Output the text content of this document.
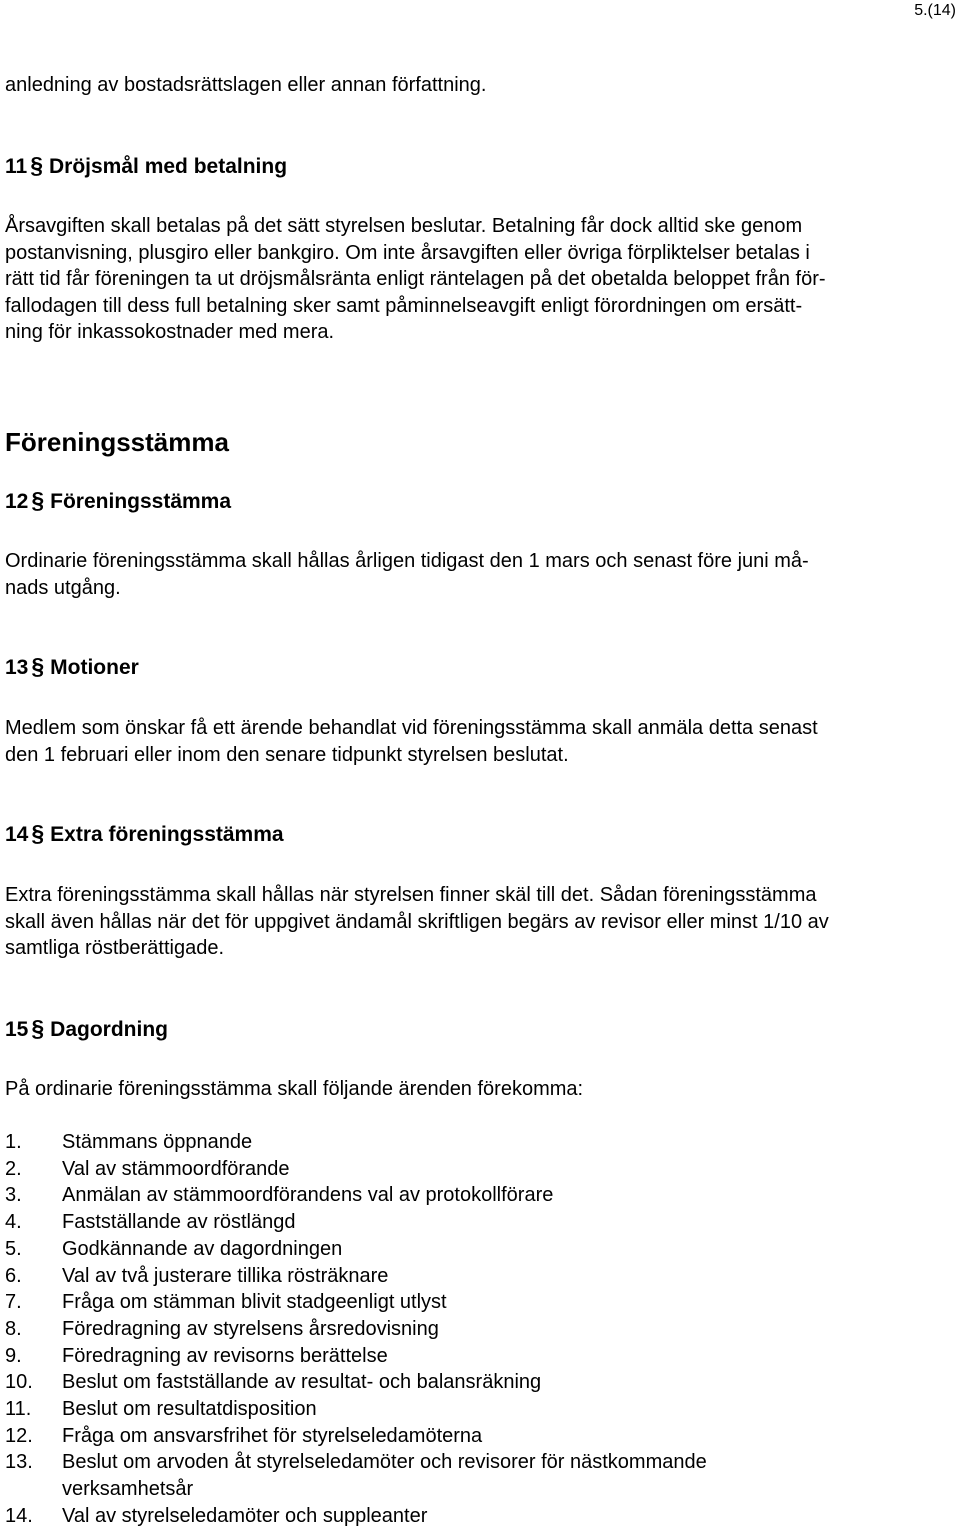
5.(14)
anledning av bostadsrättslagen eller annan författning.
11 § Dröjsmål med betalning
Årsavgiften skall betalas på det sätt styrelsen beslutar. Betalning får dock alltid ske genom
postanvisning, plusgiro eller bankgiro. Om inte årsavgiften eller övriga förpliktelser betalas i
rätt tid får föreningen ta ut dröjsmålsränta enligt räntelagen på det obetalda beloppet från för-
fallodagen till dess full betalning sker samt påminnelseavgift enligt förordningen om ersätt-
ning för inkassokostnader med mera.
Föreningsstämma
12 § Föreningsstämma
Ordinarie föreningsstämma skall hållas årligen tidigast den 1 mars och senast före juni må-
nads utgång.
13 § Motioner
Medlem som önskar få ett ärende behandlat vid föreningsstämma skall anmäla detta senast
den 1 februari eller inom den senare tidpunkt styrelsen beslutat.
14 § Extra föreningsstämma
Extra föreningsstämma skall hållas när styrelsen finner skäl till det. Sådan föreningsstämma
skall även hållas när det för uppgivet ändamål skriftligen begärs av revisor eller minst 1/10 av
samtliga röstberättigade.
15 § Dagordning
På ordinarie föreningsstämma skall följande ärenden förekomma:
1.	Stämmans öppnande
2.	Val av stämmoordförande
3.	Anmälan av stämmoordförandens val av protokollförare
4.	Fastställande av röstlängd
5.	Godkännande av dagordningen
6.	Val av två justerare tillika rösträknare
7.	Fråga om stämman blivit stadgeenligt utlyst
8.	Föredragning av styrelsens årsredovisning
9.	Föredragning av revisorns berättelse
10.	Beslut om fastställande av resultat- och balansräkning
11.	Beslut om resultatdisposition
12.	Fråga om ansvarsfrihet för styrelseledamöterna
13.	Beslut om arvoden åt styrelseledamöter och revisorer för nästkommande
verksamhetsår
14.	Val av styrelseledamöter och suppleanter
